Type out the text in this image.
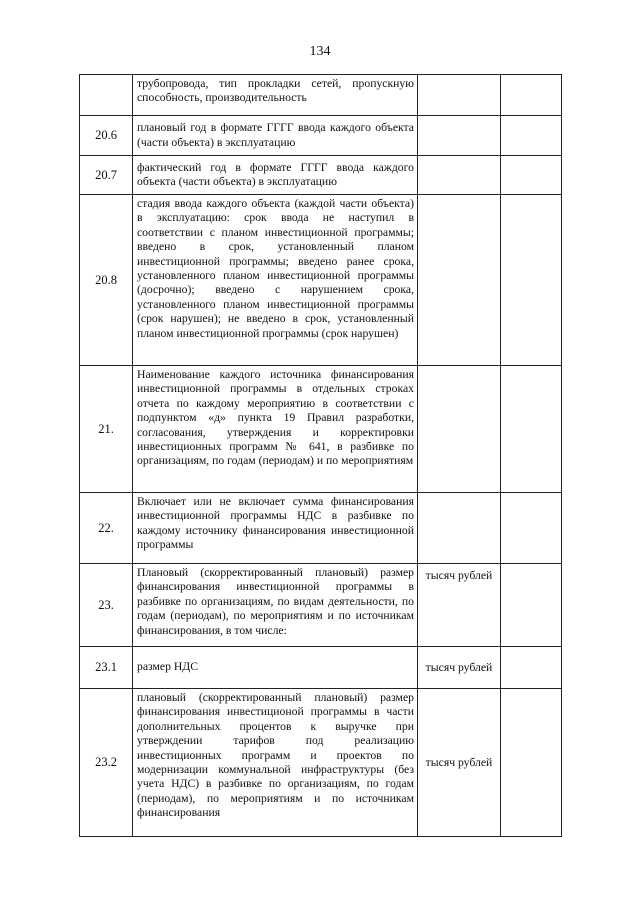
134
	трубопровода, тип прокладки сетей, пропускную способность, производительность		
20.6	плановый год в формате ГГГГ ввода каждого объекта (части объекта) в эксплуатацию		
20.7	фактический год в формате ГГГГ ввода каждого объекта (части объекта) в эксплуатацию		
20.8	стадия ввода каждого объекта (каждой части объекта) в эксплуатацию: срок ввода не наступил в соответствии с планом инвестиционной программы; введено в срок, установленный планом инвестиционной программы; введено ранее срока, установленного планом инвестиционной программы (досрочно); введено с нарушением срока, установленного планом инвестиционной программы (срок нарушен); не введено в срок, установленный планом инвестиционной программы (срок нарушен)		
21.	Наименование каждого источника финансирования инвестиционной программы в отдельных строках отчета по каждому мероприятию в соответствии с подпунктом «д» пункта 19 Правил разработки, согласования, утверждения и корректировки инвестиционных программ № 641, в разбивке по организациям, по годам (периодам) и по мероприятиям		
22.	Включает или не включает сумма финансирования инвестиционной программы НДС в разбивке по каждому источнику финансирования инвестиционной программы		
23.	Плановый (скорректированный плановый) размер финансирования инвестиционной программы в разбивке по организациям, по видам деятельности, по годам (периодам), по мероприятиям и по источникам финансирования, в том числе:	тысяч рублей	
23.1	размер НДС	тысяч рублей	
23.2	плановый (скорректированный плановый) размер финансирования инвестиционой программы в части дополнительных процентов к выручке при утверждении тарифов под реализацию инвестиционных программ и проектов по модернизации коммунальной инфраструктуры (без учета НДС) в разбивке по организациям, по годам (периодам), по мероприятиям и по источникам финансирования	тысяч рублей	
